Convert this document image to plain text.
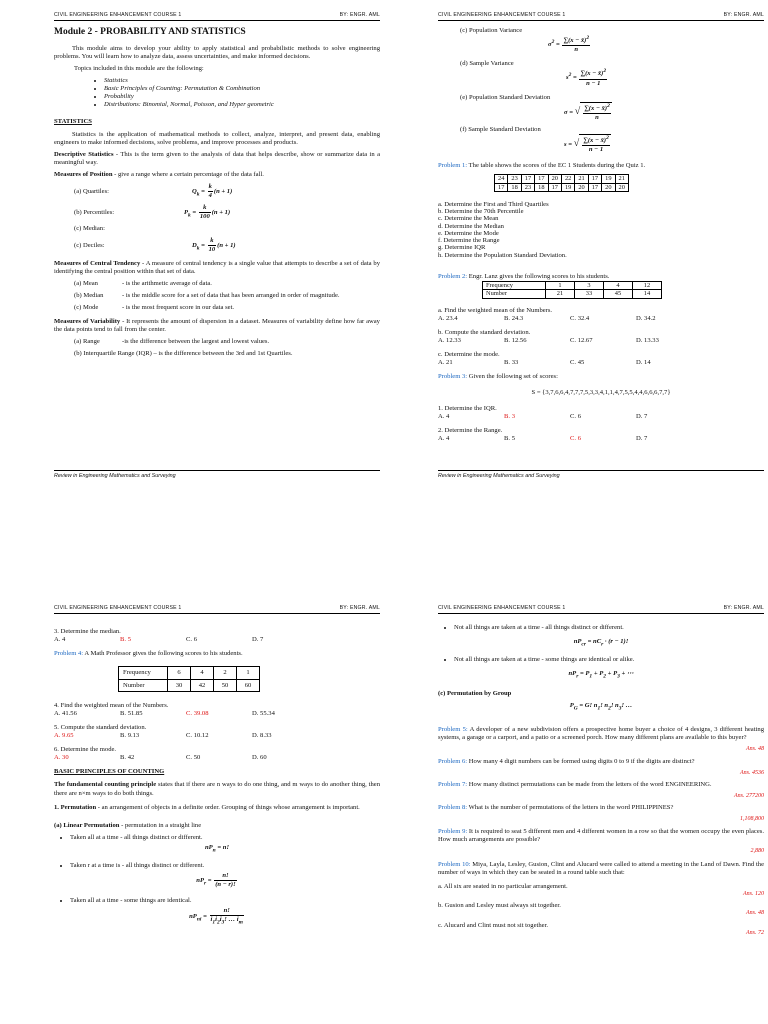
CIVIL ENGINEERING ENHANCEMENT COURSE 1	BY: ENGR. AML
Module 2 - PROBABILITY AND STATISTICS

This module aims to develop your ability to apply statistical and probabilistic methods to solve engineering problems. You will learn how to analyze data, assess uncertainties, and make informed decisions.

Topics included in this module are the following:

• Statistics
• Basic Principles of Counting: Permutation & Combination
• Probability
• Distributions: Binomial, Normal, Poisson, and Hyper geometric
STATISTICS

Statistics is the application of mathematical methods to collect, analyze, interpret, and present data, enabling engineers to make informed decisions, solve problems, and improve processes and products.

Descriptive Statistics - This is the term given to the analysis of data that helps describe, show or summarize data in a meaningful way.

Measures of Position - give a range where a certain percentage of the data fall.

(a) Quartiles:	$Q_k = \frac{k}{4} (n + 1)$
(b) Percentiles:	$P_k = \frac{k}{100} (n + 1)$
(c) Median:
(c) Deciles:	$D_k = \frac{k}{10} (n + 1)$

Measures of Central Tendency - A measure of central tendency is a single value that attempts to describe a set of data by identifying the central position within that set of data.

(a) Mean	- is the arithmetic average of data.
(b) Median	- is the middle score for a set of data that has been arranged in order of magnitude.
(c) Mode	- is the most frequent score in our data set.

Measures of Variability - It represents the amount of dispersion in a dataset. Measures of variability define how far away the data points tend to fall from the center.

(a) Range	-is the difference between the largest and lowest values.

(b) Interquartile Range (IQR) – is the difference between the 3rd and 1st Quartiles.

Review in Engineering Mathematics and Surveying
CIVIL ENGINEERING ENHANCEMENT COURSE 1	BY: ENGR. AML
(c) Population Variance
$\sigma^2 = \frac{\sum(x - x̄)^2}{n}$
(d) Sample Variance
$s^2 = \frac{\sum(x - x̄)^2}{n - 1}$
(e) Population Standard Deviation
σ = √ $\frac{\sum(x - x̄)^2}{n}$
(f) Sample Standard Deviation
s = √ $\frac{\sum(x - x̄)^2}{n - 1}$

Problem 1: The table shows the scores of the EC 1 Students during the Quiz 1.

24	23	17	17	20	22	21	17	19	21
17	18	23	18	17	19	20	17	20	20
a. Determine the First and Third Quartiles
b. Determine the 70th Percentile
c. Determine the Mean
d. Determine the Median
e. Determine the Mode
f. Determine the Range
g. Determine IQR
h. Determine the Population Standard Deviation.
Problem 2: Engr. Lanz gives the following scores to his students.
Frequency	1	3	4	12
Number	21	33	45	14
a. Find the weighted mean of the Numbers.
A. 23.4	B. 24.3	C. 32.4	D. 34.2
b. Compute the standard deviation.
A. 12.33	B. 12.56	C. 12.67	D. 13.33
c. Determine the mode.
A. 21	B. 33	C. 45	D. 14

Problem 3: Given the following set of scores:

S = {3,7,6,6,4,7,7,7,5,3,3,4,1,1,4,7,5,5,4,4,6,6,6,7,7}
1. Determine the IQR.
A. 4	B. 3	C. 6	D. 7
2. Determine the Range.
A. 4	B. 5	C. 6	D. 7
Review in Engineering Mathematics and Surveying
CIVIL ENGINEERING ENHANCEMENT COURSE 1	BY: ENGR. AML
3. Determine the median.
A. 4	B. 5	C. 6	D. 7

Problem 4: A Math Professor gives the following scores to his students.

Frequency	6	4	2	1
Number	30	42	50	60
4. Find the weighted mean of the Numbers.
A. 41.56	B. 51.85	C. 39.08	D. 55.34
5. Compute the standard deviation.
A. 9.65	B. 9.13	C. 10.12	D. 8.33
6. Determine the mode.
A. 30	B. 42	C. 50	D. 60
BASIC PRINCIPLES OF COUNTING

The fundamental counting principle states that if there are n ways to do one thing, and m ways to do another thing, then there are n×m ways to do both things.

1. Permutation - an arrangement of objects in a definite order. Grouping of things whose arrangement is important.

(a) Linear Permutation - permutation in a straight line

• Taken all at a time - all things distinct or different.
$nP_n = n$!
• Taken r at a time is - all things distinct or different.
$nP_r = \frac{n!}{(n - r)!}$
• Taken all at a time - some things are identical.
$nP_{ni} = \frac{n!}{i_1i_2i_3! \dots i_m}$
CIVIL ENGINEERING ENHANCEMENT COURSE 1	BY: ENGR. AML
• Not all things are taken at a time - all things distinct or different.
$nP_{cr} = nC_r \cdot (r - 1)$!
• Not all things are taken at a time - some things are identical or alike.
$nP_r = P_1 + P_2 + P_3$ + ⋯
(c) Permutation by Group
$P_G = G$! $n_1$! $n_2$! $n_3$! …

Problem 5: A developer of a new subdivision offers a prospective home buyer a choice of 4 designs, 3 different heating systems, a garage or a carport, and a patio or a screened porch. How many different plans are available to this buyer?

Ans. 48

Problem 6: How many 4 digit numbers can be formed using digits 0 to 9 if the digits are distinct?

Ans. 4536

Problem 7: How many distinct permutations can be made from the letters of the word ENGINEERING.

Ans. 277200

Problem 8: What is the number of permutations of the letters in the word PHILIPPINES?

1,108,800

Problem 9: It is required to seat 5 different men and 4 different women in a row so that the women occupy the even places. How much arrangements are possible?

2,880

Problem 10: Miya, Layla, Lesley, Gusion, Clint and Alucard were called to attend a meeting in the Land of Dawn. Find the number of ways in which they can be seated in a round table such that:

a. All six are seated in no particular arrangement.
Ans. 120
b. Gusion and Lesley must always sit together.
Ans. 48
c. Alucard and Clint must not sit together.
Ans. 72
